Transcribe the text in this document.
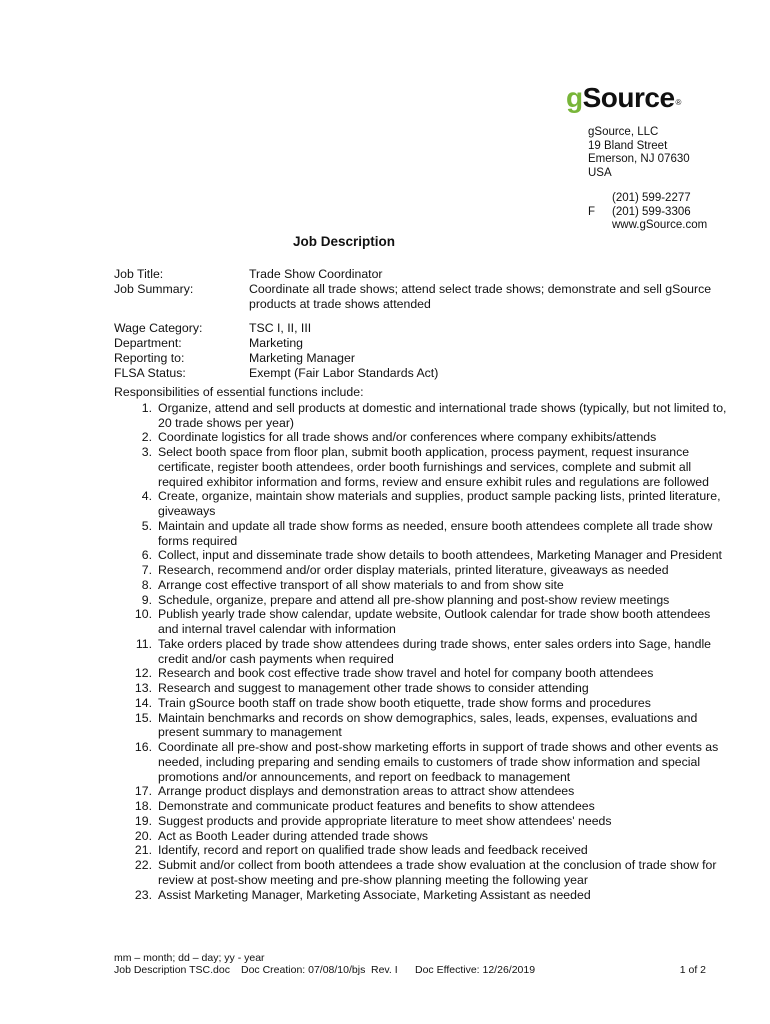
gSource®
gSource, LLC
19 Bland Street
Emerson, NJ 07630
USA
(201) 599-2277
F (201) 599-3306
www.gSource.com
Job Description
Job Title:	Trade Show Coordinator
Job Summary:	Coordinate all trade shows; attend select trade shows; demonstrate and sell gSource products at trade shows attended
Wage Category:	TSC I, II, III
Department:	Marketing
Reporting to:	Marketing Manager
FLSA Status:	Exempt (Fair Labor Standards Act)
Responsibilities of essential functions include:
1. Organize, attend and sell products at domestic and international trade shows (typically, but not limited to, 20 trade shows per year)
2. Coordinate logistics for all trade shows and/or conferences where company exhibits/attends
3. Select booth space from floor plan, submit booth application, process payment, request insurance certificate, register booth attendees, order booth furnishings and services, complete and submit all required exhibitor information and forms, review and ensure exhibit rules and regulations are followed
4. Create, organize, maintain show materials and supplies, product sample packing lists, printed literature, giveaways
5. Maintain and update all trade show forms as needed, ensure booth attendees complete all trade show forms required
6. Collect, input and disseminate trade show details to booth attendees, Marketing Manager and President
7. Research, recommend and/or order display materials, printed literature, giveaways as needed
8. Arrange cost effective transport of all show materials to and from show site
9. Schedule, organize, prepare and attend all pre-show planning and post-show review meetings
10. Publish yearly trade show calendar, update website, Outlook calendar for trade show booth attendees and internal travel calendar with information
11. Take orders placed by trade show attendees during trade shows, enter sales orders into Sage, handle credit and/or cash payments when required
12. Research and book cost effective trade show travel and hotel for company booth attendees
13. Research and suggest to management other trade shows to consider attending
14. Train gSource booth staff on trade show booth etiquette, trade show forms and procedures
15. Maintain benchmarks and records on show demographics, sales, leads, expenses, evaluations and present summary to management
16. Coordinate all pre-show and post-show marketing efforts in support of trade shows and other events as needed, including preparing and sending emails to customers of trade show information and special promotions and/or announcements, and report on feedback to management
17. Arrange product displays and demonstration areas to attract show attendees
18. Demonstrate and communicate product features and benefits to show attendees
19. Suggest products and provide appropriate literature to meet show attendees' needs
20. Act as Booth Leader during attended trade shows
21. Identify, record and report on qualified trade show leads and feedback received
22. Submit and/or collect from booth attendees a trade show evaluation at the conclusion of trade show for review at post-show meeting and pre-show planning meeting the following year
23. Assist Marketing Manager, Marketing Associate, Marketing Assistant as needed
mm – month; dd – day; yy - year
Job Description TSC.doc Doc Creation: 07/08/10/bjs Rev. I Doc Effective: 12/26/2019	1 of 2
